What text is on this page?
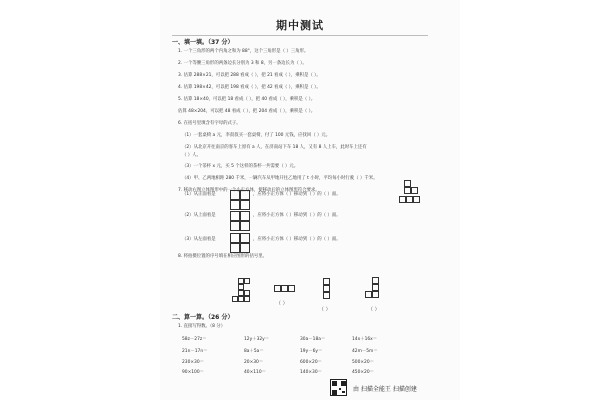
期中测试
一、填一填。（37 分）
1. 一个三角形的两个内角之和为 88°，这个三角形是（ ）三角形。
2. 一个等腰三角形的两条边长分别为 3 和 8，另一条边长为（ ）。
3. 估算 288×21，可以把 288 看成（ ），把 21 看成（ ），乘积是（ ）。
4. 估算 198×42，可以把 198 看成（ ），把 42 看成（ ），乘积是（ ）。
5. 估算 18×40，可以把 18 看成（ ），把 40 看成（ ），乘积是（ ）。
估算 48×204，可以把 48 看成（ ），把 204 看成（ ），乘积是（ ）。
6. 在括号里填含有字母的式子。
（1）一套桌椅 a 元，李叔叔买一套桌椅，付了 100 元钱，应找回（ ）元。
（2）从北京开往南京的客车上原有 a 人，在济南站下车 18 人，又有 8 人上车，此时车上还有
（ ）人。
（3）一个茶杯 x 元，买 5 个这样的茶杯一共需要（ ）元。
（4）甲、乙两地相距 280 千米，一辆汽车从甲地开往乙地用了 t 小时，平均每小时行驶（ ）千米。
7. 移动右图立体图形中的一个小正方体，使移动后的立体图形符合要求。
（1）从正面看是	，应将小正方体（ ）移动到（ ）的（ ）面。
（2）从上面看是	，应将小正方体（ ）移动到（ ）的（ ）面。
（3）从左面看是	，应将小正方体（ ）移动到（ ）的（ ）面。
8. 将拍摄位置的序号填在相应图形的括号里。
（ ）
（ ）	（ ）
二、算一算。（26 分）
1. 直接写得数。（8 分）
58z－27z＝	12y＋32y＝	30a－18a＝	14x＋16x＝
21n－17n＝	8a＋5a＝	19y－6y＝	42m－5m＝
230×30＝	20×30＝	600×20＝	500×20＝
90×100＝	40×110＝	140×30＝	450×20＝
由 扫描全能王 扫描创建
